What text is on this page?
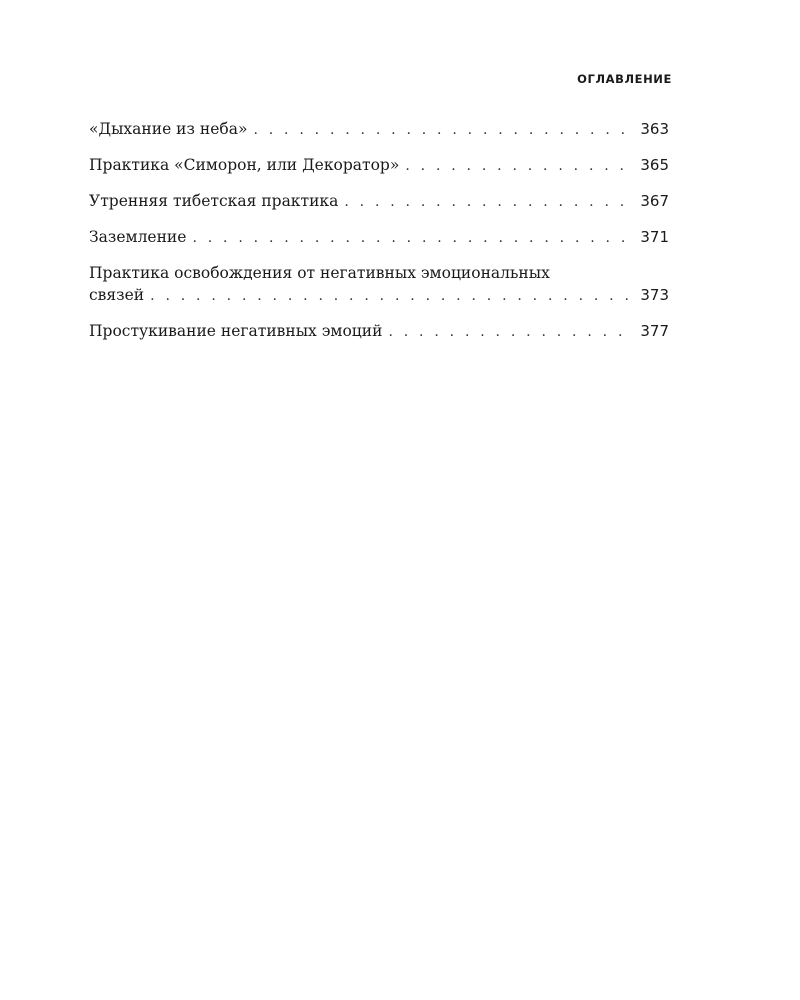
ОГЛАВЛЕНИЕ
«Дыхание из неба» . . .	363
Практика «Симорон, или Декоратор» . . .	365
Утренняя тибетская практика . . .	367
Заземление . . .	371
Практика освобождения от негативных эмоциональных
связей . . .	373
Простукивание негативных эмоций . . .	377
